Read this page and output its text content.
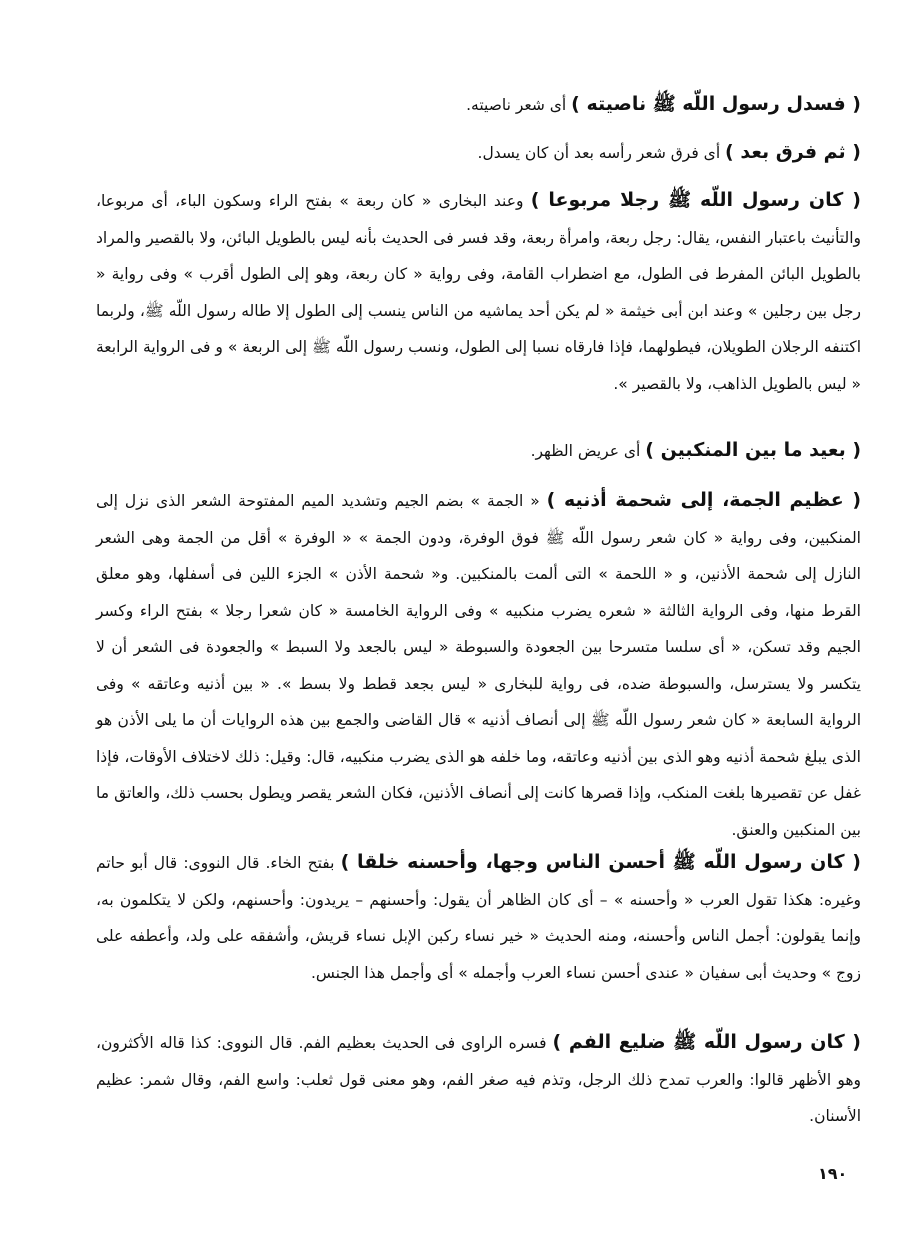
( فسدل رسول اللّه ﷺ ناصيته ) أى شعر ناصيته.

( ثم فرق بعد ) أى فرق شعر رأسه بعد أن كان يسدل.

( كان رسول اللّه ﷺ رجلا مربوعا ) وعند البخارى « كان ربعة » بفتح الراء وسكون الباء، أى مربوعا، والتأنيث باعتبار النفس، يقال: رجل ربعة، وامرأة ربعة، وقد فسر فى الحديث بأنه ليس بالطويل البائن، ولا بالقصير والمراد بالطويل البائن المفرط فى الطول، مع اضطراب القامة، وفى رواية « كان ربعة، وهو إلى الطول أقرب » وفى رواية « رجل بين رجلين » وعند ابن أبى خيثمة « لم يكن أحد يماشيه من الناس ينسب إلى الطول إلا طاله رسول اللّه ﷺ، ولربما اكتنفه الرجلان الطويلان، فيطولهما، فإذا فارقاه نسبا إلى الطول، ونسب رسول اللّه ﷺ إلى الربعة » و فى الرواية الرابعة « ليس بالطويل الذاهب، ولا بالقصير ».

( بعيد ما بين المنكبين ) أى عريض الظهر.

( عظيم الجمة، إلى شحمة أذنيه ) « الجمة » بضم الجيم وتشديد الميم المفتوحة الشعر الذى نزل إلى المنكبين، وفى رواية « كان شعر رسول اللّه ﷺ فوق الوفرة، ودون الجمة » « الوفرة » أقل من الجمة وهى الشعر النازل إلى شحمة الأذنين، و « اللحمة » التى ألمت بالمنكبين. و« شحمة الأذن » الجزء اللين فى أسفلها، وهو معلق القرط منها، وفى الرواية الثالثة « شعره يضرب منكبيه » وفى الرواية الخامسة « كان شعرا رجلا » بفتح الراء وكسر الجيم وقد تسكن، « أى سلسا متسرحا بين الجعودة والسبوطة « ليس بالجعد ولا السبط » والجعودة فى الشعر أن لا يتكسر ولا يسترسل، والسبوطة ضده، فى رواية للبخارى « ليس بجعد قطط ولا بسط ». « بين أذنيه وعاتقه » وفى الرواية السابعة « كان شعر رسول اللّه ﷺ إلى أنصاف أذنيه » قال القاضى والجمع بين هذه الروايات أن ما يلى الأذن هو الذى يبلغ شحمة أذنيه وهو الذى بين أذنيه وعاتقه، وما خلفه هو الذى يضرب منكبيه، قال: وقيل: ذلك لاختلاف الأوقات، فإذا غفل عن تقصيرها بلغت المنكب، وإذا قصرها كانت إلى أنصاف الأذنين، فكان الشعر يقصر ويطول بحسب ذلك، والعاتق ما بين المنكبين والعنق.

( كان رسول اللّه ﷺ أحسن الناس وجها، وأحسنه خلقا ) بفتح الخاء. قال النووى: قال أبو حاتم وغيره: هكذا تقول العرب « وأحسنه » – أى كان الظاهر أن يقول: وأحسنهم – يريدون: وأحسنهم، ولكن لا يتكلمون به، وإنما يقولون: أجمل الناس وأحسنه، ومنه الحديث « خير نساء ركبن الإبل نساء قريش، وأشفقه على ولد، وأعطفه على زوج » وحديث أبى سفيان « عندى أحسن نساء العرب وأجمله » أى وأجمل هذا الجنس.

( كان رسول اللّه ﷺ ضليع الفم ) فسره الراوى فى الحديث بعظيم الفم. قال النووى: كذا قاله الأكثرون، وهو الأظهر قالوا: والعرب تمدح ذلك الرجل، وتذم فيه صغر الفم، وهو معنى قول ثعلب: واسع الفم، وقال شمر: عظيم الأسنان.

١٩٠
